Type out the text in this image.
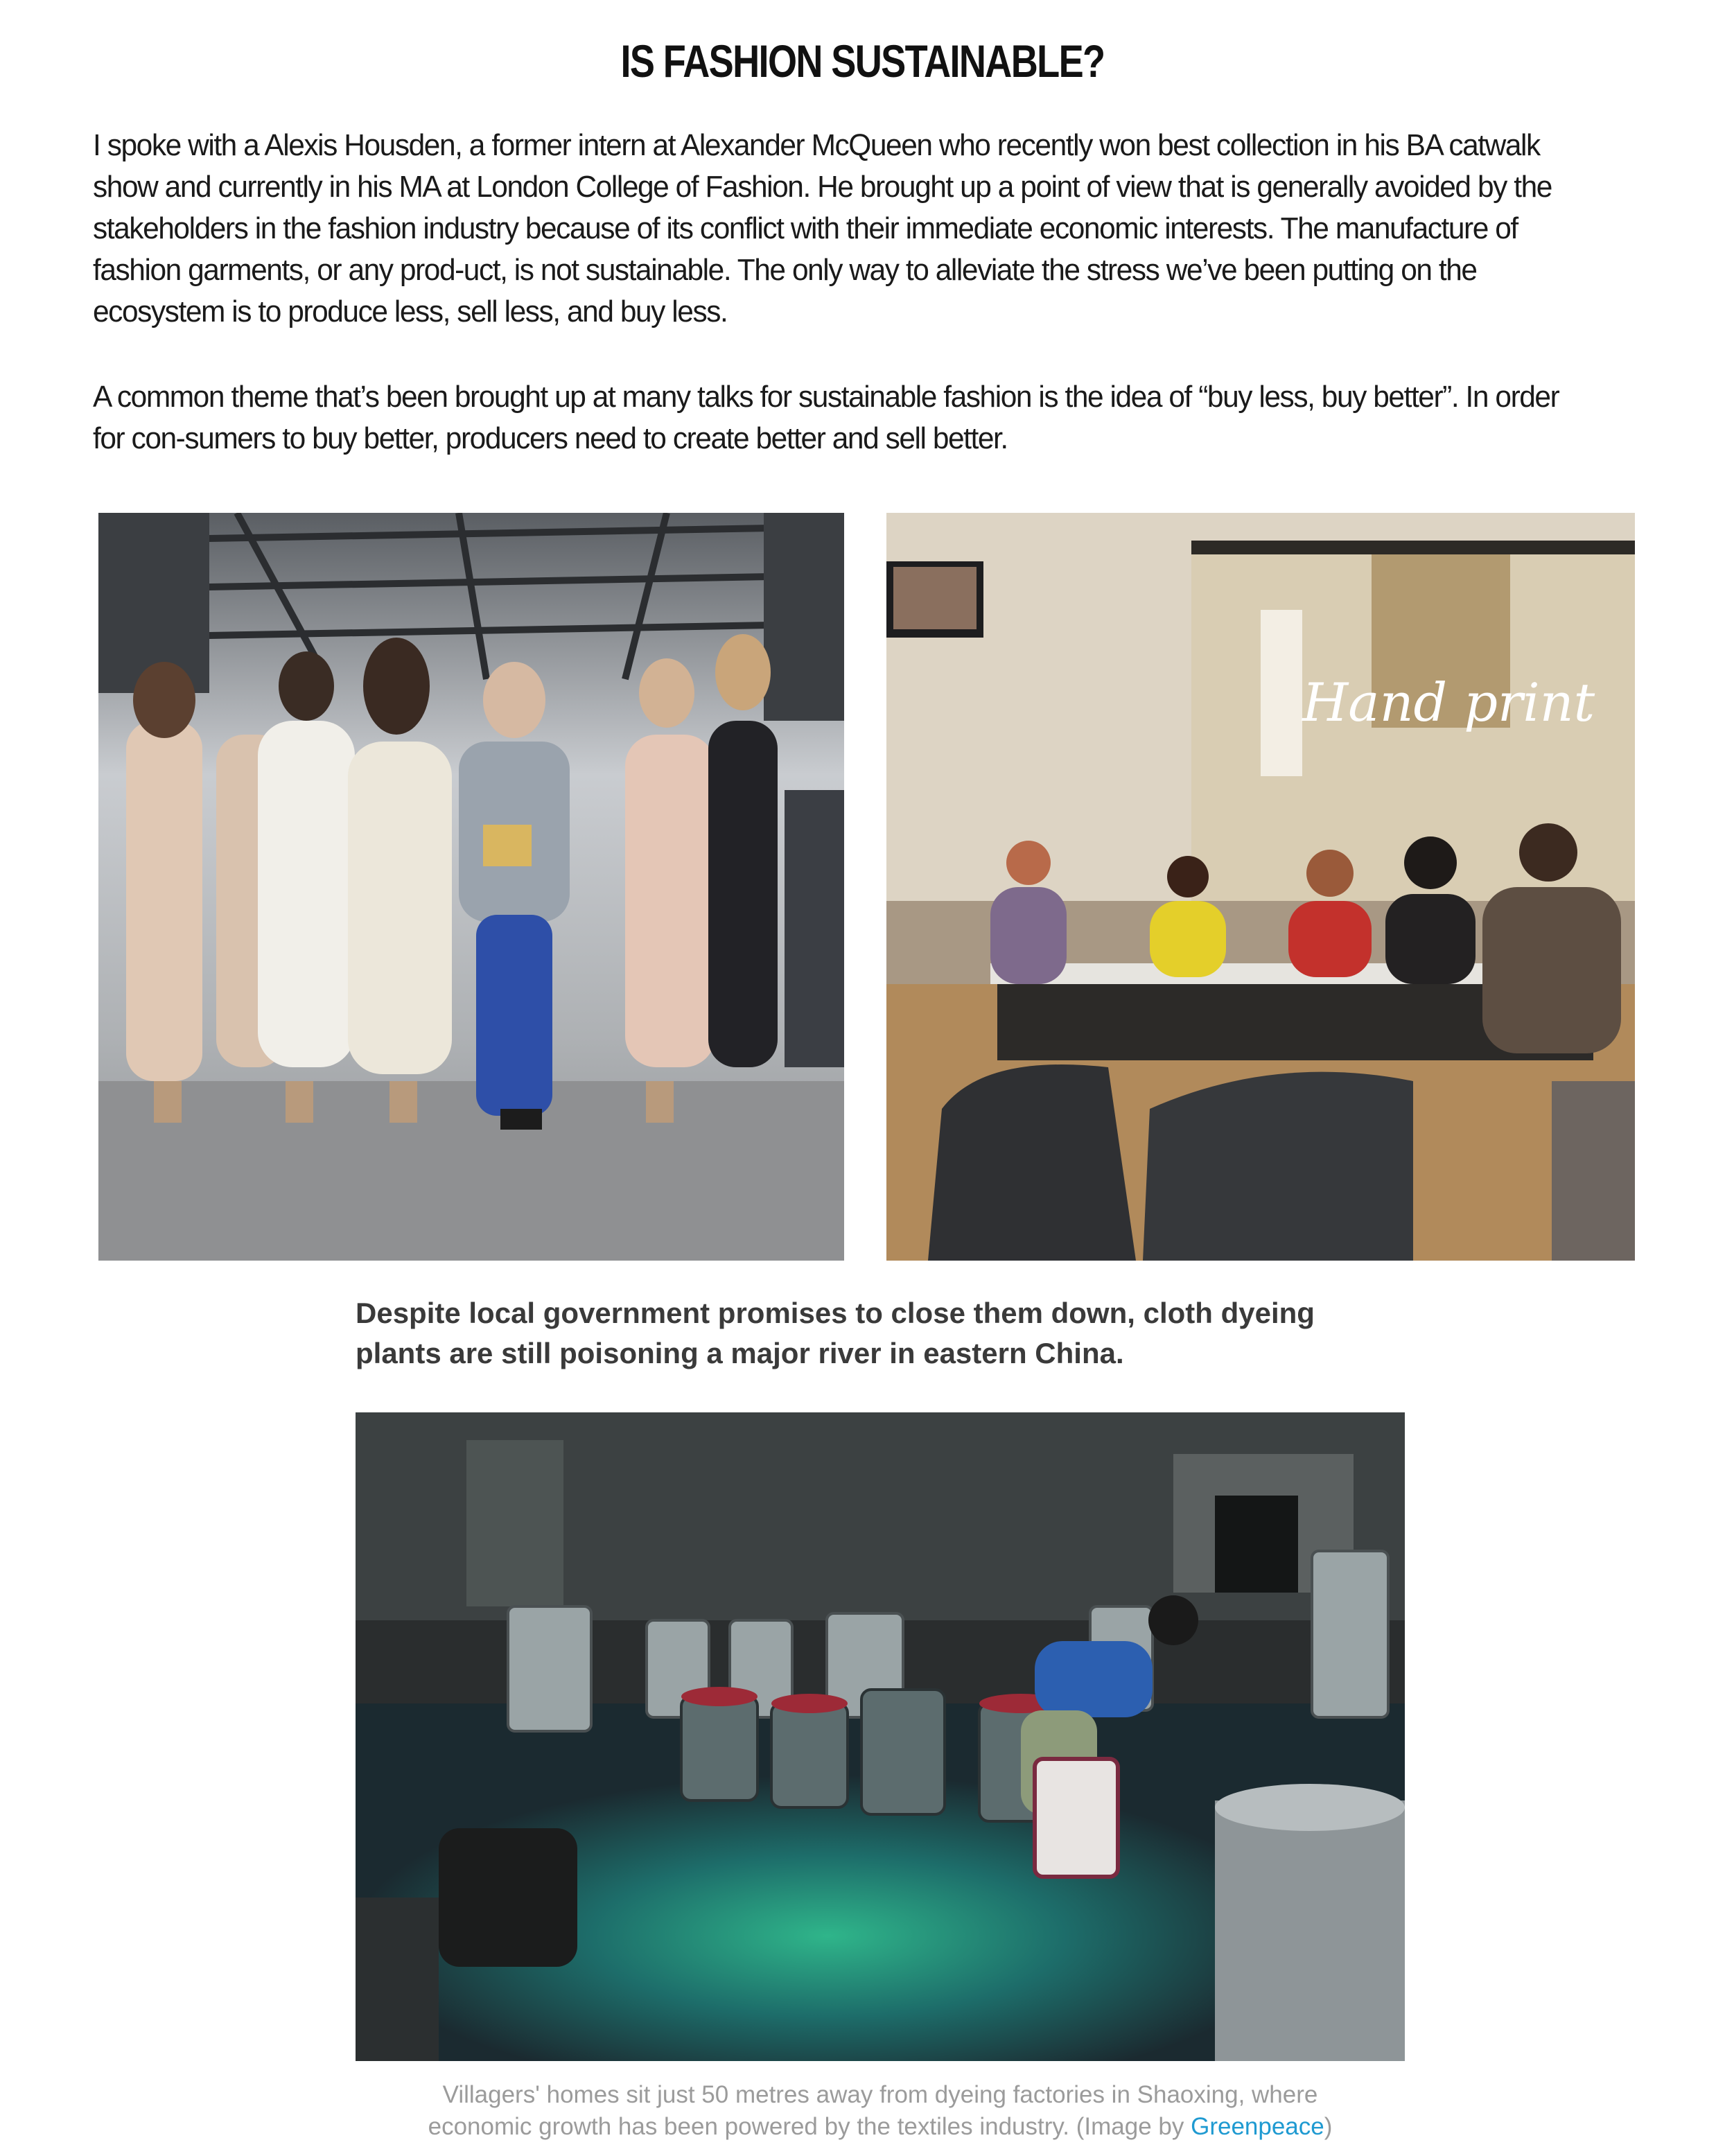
IS FASHION SUSTAINABLE?

I spoke with a Alexis Housden, a former intern at Alexander McQueen who recently won best collection in his BA catwalk show and currently in his MA at London College of Fashion. He brought up a point of view that is generally avoided by the stakeholders in the fashion industry because of its conflict with their immediate economic interests. The manufacture of fashion garments, or any prod-uct, is not sustainable. The only way to alleviate the stress we’ve been putting on the ecosystem is to produce less, sell less, and buy less.

A common theme that’s been brought up at many talks for sustainable fashion is the idea of “buy less, buy better”. In order for con-sumers to buy better, producers need to create better and sell better.

Hand print
Despite local government promises to close them down, cloth dyeing
plants are still poisoning a major river in eastern China.
Villagers' homes sit just 50 metres away from dyeing factories in Shaoxing, where
economic growth has been powered by the textiles industry. (Image by Greenpeace)
